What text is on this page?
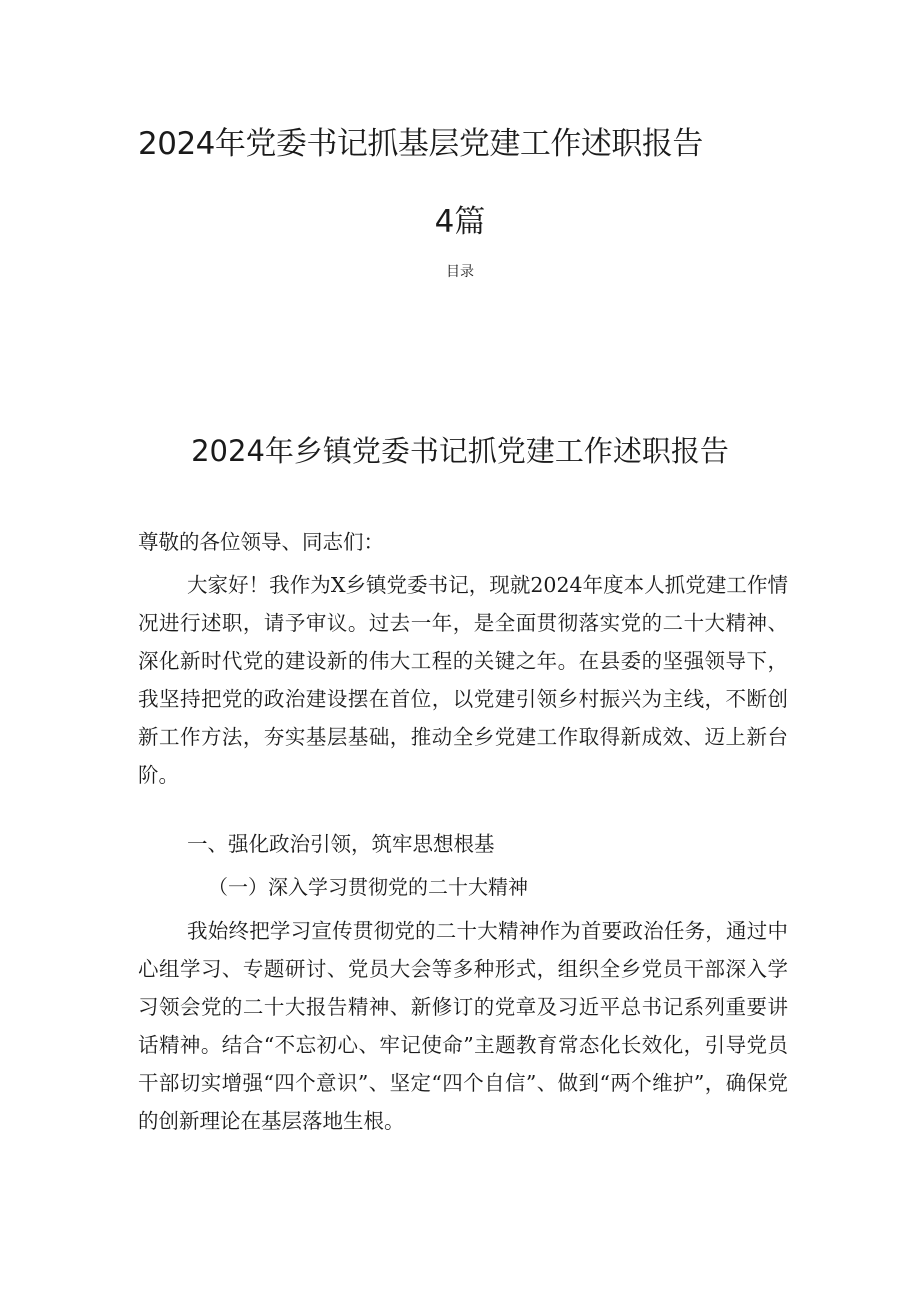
2024年党委书记抓基层党建工作述职报告
4篇
目录
2024年乡镇党委书记抓党建工作述职报告
尊敬的各位领导、同志们：
大家好！我作为X乡镇党委书记，现就2024年度本人抓党建工作情况进行述职，请予审议。过去一年，是全面贯彻落实党的二十大精神、深化新时代党的建设新的伟大工程的关键之年。在县委的坚强领导下，我坚持把党的政治建设摆在首位，以党建引领乡村振兴为主线，不断创新工作方法，夯实基层基础，推动全乡党建工作取得新成效、迈上新台阶。
一、强化政治引领，筑牢思想根基
（一）深入学习贯彻党的二十大精神
我始终把学习宣传贯彻党的二十大精神作为首要政治任务，通过中心组学习、专题研讨、党员大会等多种形式，组织全乡党员干部深入学习领会党的二十大报告精神、新修订的党章及习近平总书记系列重要讲话精神。结合“不忘初心、牢记使命”主题教育常态化长效化，引导党员干部切实增强“四个意识”、坚定“四个自信”、做到“两个维护”，确保党的创新理论在基层落地生根。
